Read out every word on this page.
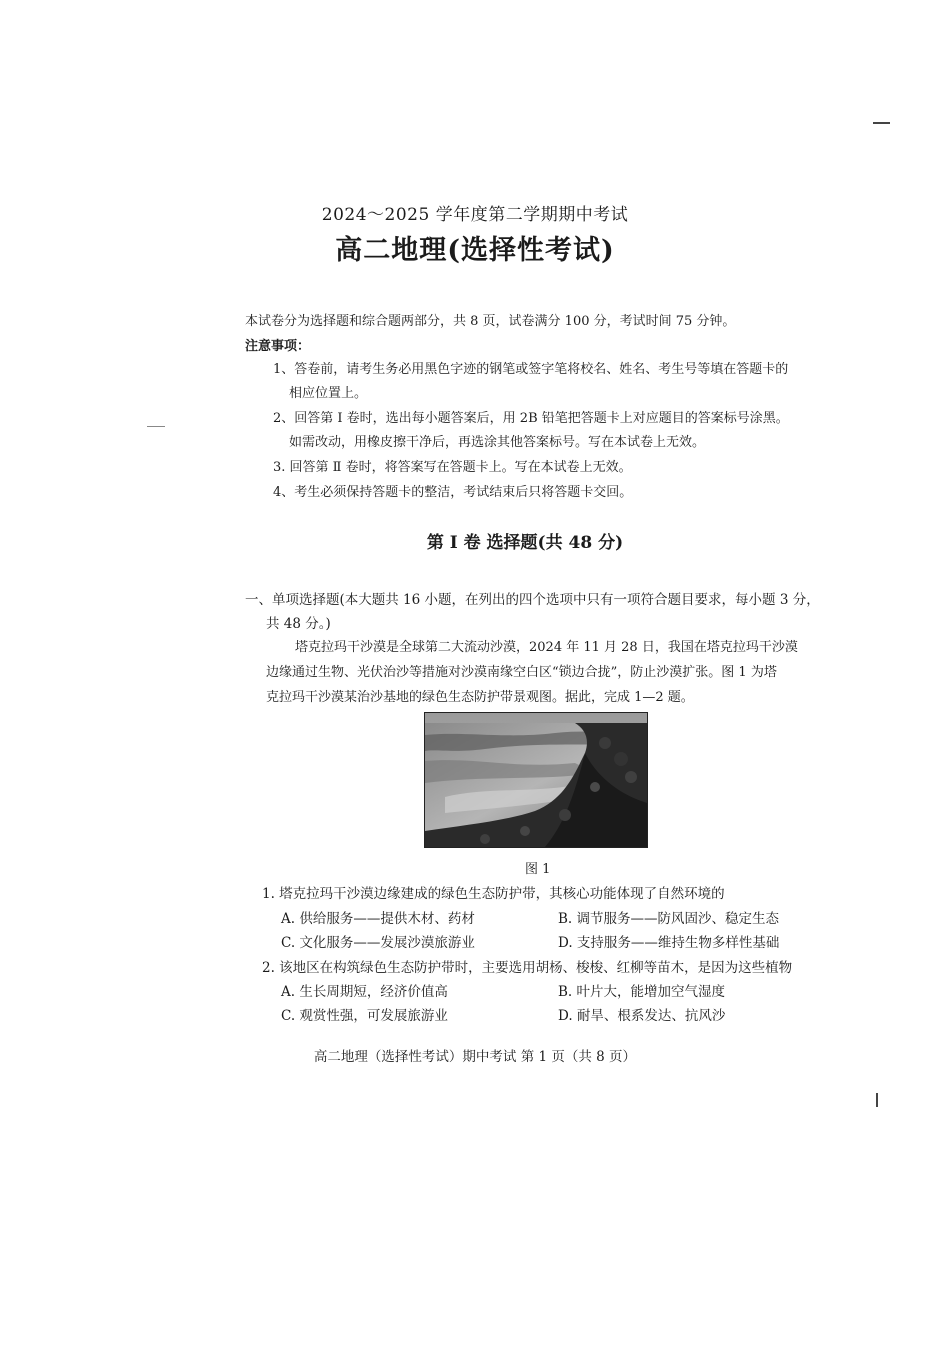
2024～2025 学年度第二学期期中考试
高二地理(选择性考试)
本试卷分为选择题和综合题两部分，共 8 页，试卷满分 100 分，考试时间 75 分钟。
注意事项：
1、答卷前，请考生务必用黑色字迹的钢笔或签字笔将校名、姓名、考生号等填在答题卡的
相应位置上。
2、回答第 Ⅰ 卷时，选出每小题答案后，用 2B 铅笔把答题卡上对应题目的答案标号涂黑。
如需改动，用橡皮擦干净后，再选涂其他答案标号。写在本试卷上无效。
3. 回答第 Ⅱ 卷时，将答案写在答题卡上。写在本试卷上无效。
4、考生必须保持答题卡的整洁，考试结束后只将答题卡交回。
第 Ⅰ 卷 选择题(共 48 分)
一、单项选择题(本大题共 16 小题，在列出的四个选项中只有一项符合题目要求，每小题 3 分，
共 48 分。)
塔克拉玛干沙漠是全球第二大流动沙漠，2024 年 11 月 28 日，我国在塔克拉玛干沙漠
边缘通过生物、光伏治沙等措施对沙漠南缘空白区“锁边合拢”，防止沙漠扩张。图 1 为塔
克拉玛干沙漠某治沙基地的绿色生态防护带景观图。据此，完成 1—2 题。
图 1
1. 塔克拉玛干沙漠边缘建成的绿色生态防护带，其核心功能体现了自然环境的
A. 供给服务——提供木材、药材	B. 调节服务——防风固沙、稳定生态
C. 文化服务——发展沙漠旅游业	D. 支持服务——维持生物多样性基础
2. 该地区在构筑绿色生态防护带时，主要选用胡杨、梭梭、红柳等苗木，是因为这些植物
A. 生长周期短，经济价值高	B. 叶片大，能增加空气湿度
C. 观赏性强，可发展旅游业	D. 耐旱、根系发达、抗风沙
高二地理（选择性考试）期中考试 第 1 页（共 8 页）
